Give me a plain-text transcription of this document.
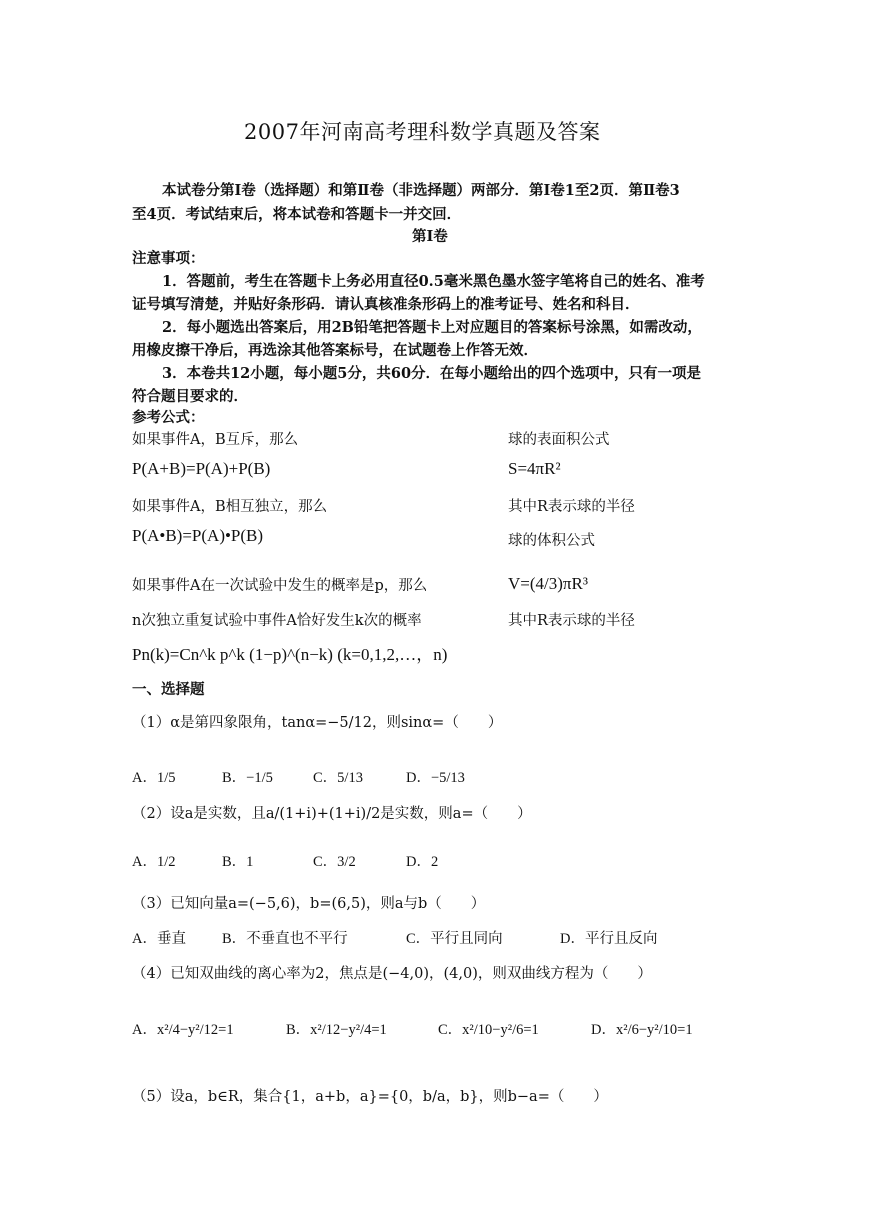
2007年河南高考理科数学真题及答案
本试卷分第Ⅰ卷（选择题）和第Ⅱ卷（非选择题）两部分．第Ⅰ卷1至2页．第Ⅱ卷3
至4页．考试结束后，将本试卷和答题卡一并交回．
第Ⅰ卷
注意事项：
1．答题前，考生在答题卡上务必用直径0.5毫米黑色墨水签字笔将自己的姓名、准考
证号填写清楚，并贴好条形码．请认真核准条形码上的准考证号、姓名和科目．
2．每小题选出答案后，用2B铅笔把答题卡上对应题目的答案标号涂黑，如需改动，
用橡皮擦干净后，再选涂其他答案标号，在试题卷上作答无效．
3．本卷共12小题，每小题5分，共60分．在每小题给出的四个选项中，只有一项是
符合题目要求的．
参考公式：
如果事件A，B互斥，那么
P(A+B)=P(A)+P(B)
如果事件A，B相互独立，那么
P(A•B)=P(A)•P(B)
如果事件A在一次试验中发生的概率是p，那么
n次独立重复试验中事件A恰好发生k次的概率
Pn(k)=Cn^k p^k (1−p)^(n−k) (k=0,1,2,…，n)
球的表面积公式
S=4πR²
其中R表示球的半径
球的体积公式
V=(4/3)πR³
其中R表示球的半径
一、选择题
（1）α是第四象限角，tanα=−5/12，则sinα=（　　）
A．1/5	B．−1/5	C．5/13	D．−5/13
（2）设a是实数，且a/(1+i)+(1+i)/2是实数，则a=（　　）
A．1/2	B．1	C．3/2	D．2
（3）已知向量a=(−5,6)，b=(6,5)，则a与b（　　）
A．垂直 B．不垂直也不平行	C．平行且同向	D．平行且反向
（4）已知双曲线的离心率为2，焦点是(−4,0)，(4,0)，则双曲线方程为（　　）
A．x²/4−y²/12=1	B．x²/12−y²/4=1	C．x²/10−y²/6=1	D．x²/6−y²/10=1
（5）设a，b∈R，集合{1，a+b，a}={0，b/a，b}，则b−a=（　　）
